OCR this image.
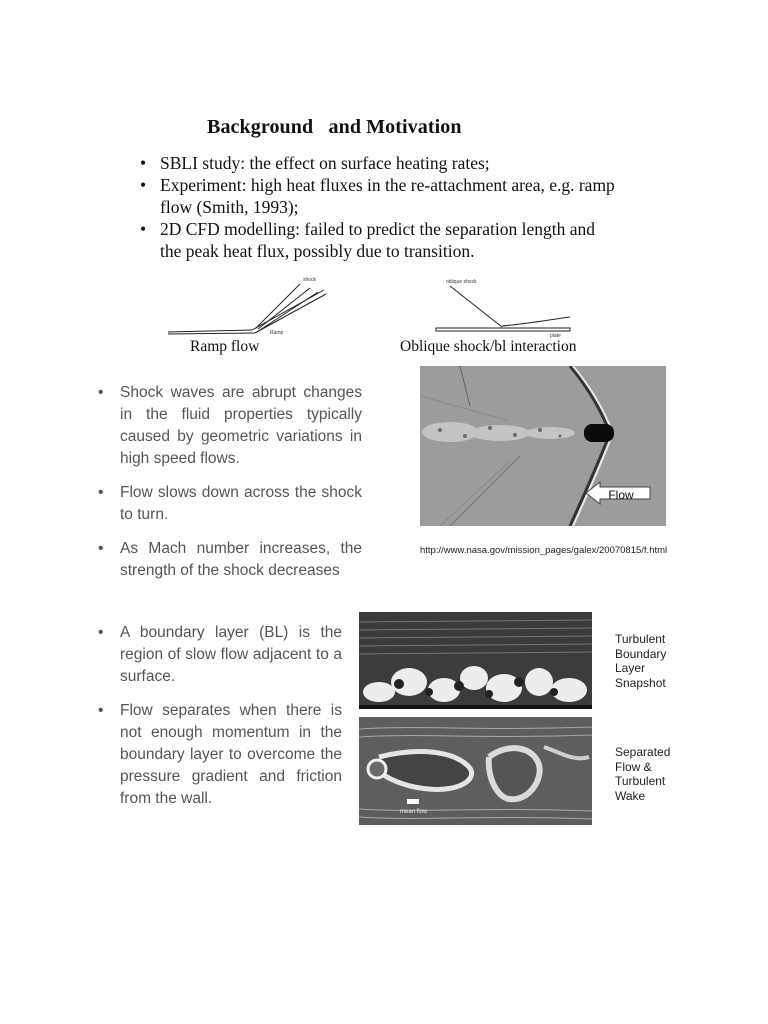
Background   and Motivation
• SBLI study: the effect on surface heating rates;
• Experiment: high heat fluxes in the re-attachment area, e.g. ramp flow (Smith, 1993);
• 2D CFD modelling: failed to predict the separation length and the peak heat flux, possibly due to transition.
shock
Ramp
Ramp flow
oblique shock
plate
Oblique shock/bl interaction
• Shock waves are abrupt changes in the fluid properties typically caused by geometric variations in high speed flows.
• Flow slows down across the shock to turn.
• As Mach number increases, the strength of the shock decreases
Flow
http://www.nasa.gov/mission_pages/galex/20070815/f.html
• A boundary layer (BL) is the region of slow flow adjacent to a surface.
• Flow separates when there is not enough momentum in the boundary layer to overcome the pressure gradient and friction from the wall.
Turbulent
Boundary
Layer
Snapshot
mean flow
Separated
Flow &
Turbulent
Wake
